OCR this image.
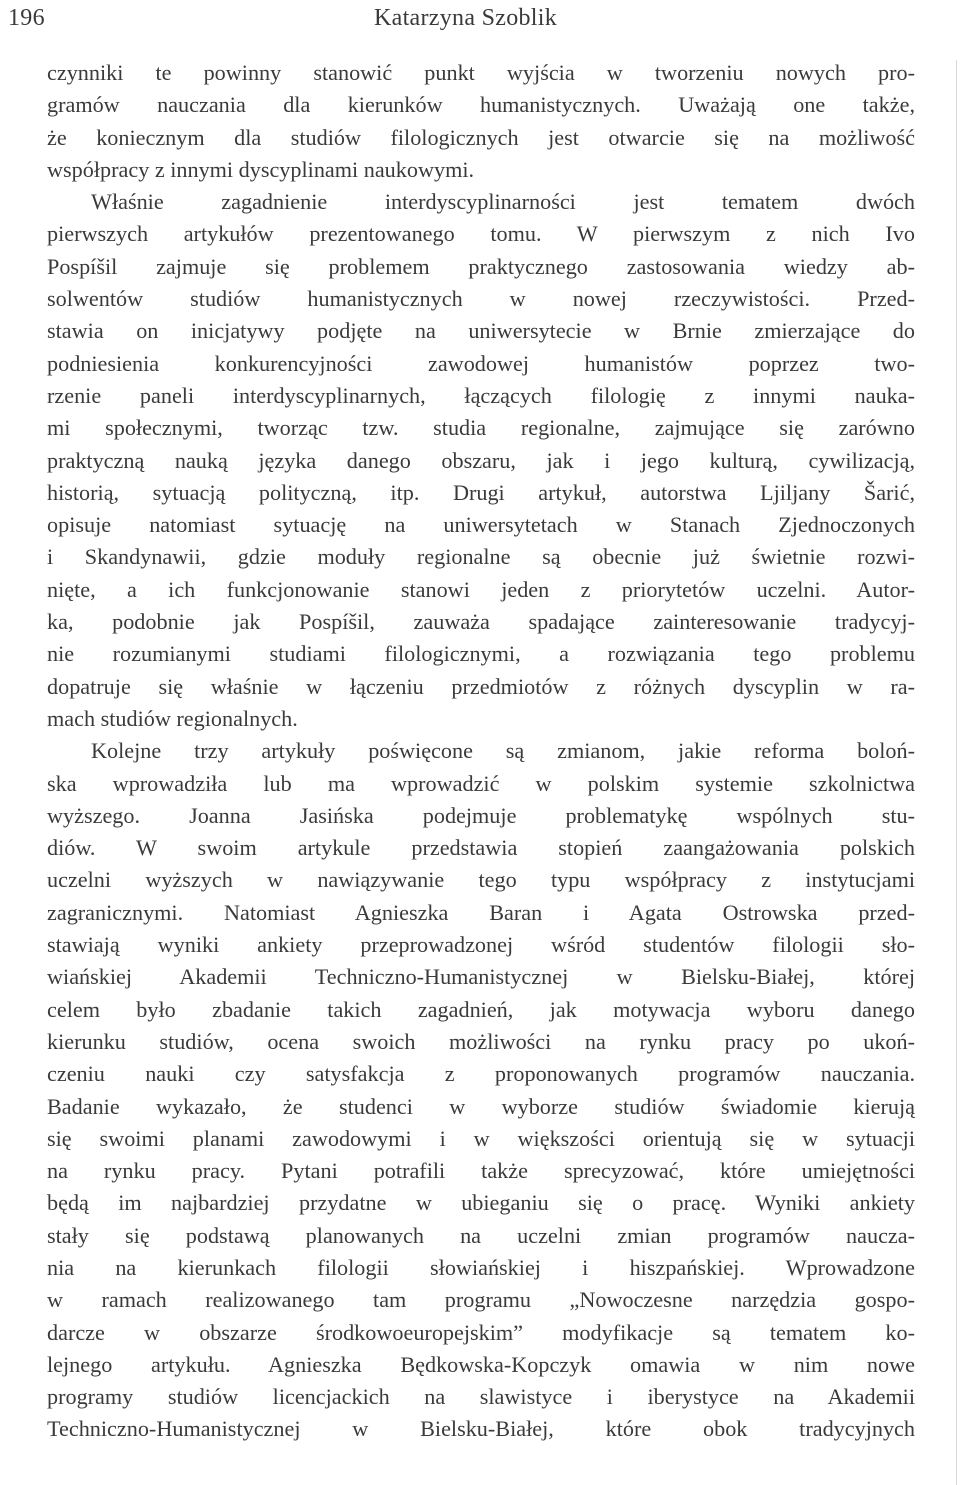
196	Katarzyna Szoblik
czynniki te powinny stanowić punkt wyjścia w tworzeniu nowych pro-
gramów nauczania dla kierunków humanistycznych. Uważają one także,
że koniecznym dla studiów filologicznych jest otwarcie się na możliwość
współpracy z innymi dyscyplinami naukowymi.
Właśnie zagadnienie interdyscyplinarności jest tematem dwóch
pierwszych artykułów prezentowanego tomu. W pierwszym z nich Ivo
Pospíšil zajmuje się problemem praktycznego zastosowania wiedzy ab-
solwentów studiów humanistycznych w nowej rzeczywistości. Przed-
stawia on inicjatywy podjęte na uniwersytecie w Brnie zmierzające do
podniesienia konkurencyjności zawodowej humanistów poprzez two-
rzenie paneli interdyscyplinarnych, łączących filologię z innymi nauka-
mi społecznymi, tworząc tzw. studia regionalne, zajmujące się zarówno
praktyczną nauką języka danego obszaru, jak i jego kulturą, cywilizacją,
historią, sytuacją polityczną, itp. Drugi artykuł, autorstwa Ljiljany Šarić,
opisuje natomiast sytuację na uniwersytetach w Stanach Zjednoczonych
i Skandynawii, gdzie moduły regionalne są obecnie już świetnie rozwi-
nięte, a ich funkcjonowanie stanowi jeden z priorytetów uczelni. Autor-
ka, podobnie jak Pospíšil, zauważa spadające zainteresowanie tradycyj-
nie rozumianymi studiami filologicznymi, a rozwiązania tego problemu
dopatruje się właśnie w łączeniu przedmiotów z różnych dyscyplin w ra-
mach studiów regionalnych.
Kolejne trzy artykuły poświęcone są zmianom, jakie reforma boloń-
ska wprowadziła lub ma wprowadzić w polskim systemie szkolnictwa
wyższego. Joanna Jasińska podejmuje problematykę wspólnych stu-
diów. W swoim artykule przedstawia stopień zaangażowania polskich
uczelni wyższych w nawiązywanie tego typu współpracy z instytucjami
zagranicznymi. Natomiast Agnieszka Baran i Agata Ostrowska przed-
stawiają wyniki ankiety przeprowadzonej wśród studentów filologii sło-
wiańskiej Akademii Techniczno-Humanistycznej w Bielsku-Białej, której
celem było zbadanie takich zagadnień, jak motywacja wyboru danego
kierunku studiów, ocena swoich możliwości na rynku pracy po ukoń-
czeniu nauki czy satysfakcja z proponowanych programów nauczania.
Badanie wykazało, że studenci w wyborze studiów świadomie kierują
się swoimi planami zawodowymi i w większości orientują się w sytuacji
na rynku pracy. Pytani potrafili także sprecyzować, które umiejętności
będą im najbardziej przydatne w ubieganiu się o pracę. Wyniki ankiety
stały się podstawą planowanych na uczelni zmian programów naucza-
nia na kierunkach filologii słowiańskiej i hiszpańskiej. Wprowadzone
w ramach realizowanego tam programu „Nowoczesne narzędzia gospo-
darcze w obszarze środkowoeuropejskim” modyfikacje są tematem ko-
lejnego artykułu. Agnieszka Będkowska-Kopczyk omawia w nim nowe
programy studiów licencjackich na slawistyce i iberystyce na Akademii
Techniczno-Humanistycznej w Bielsku-Białej, które obok tradycyjnych
